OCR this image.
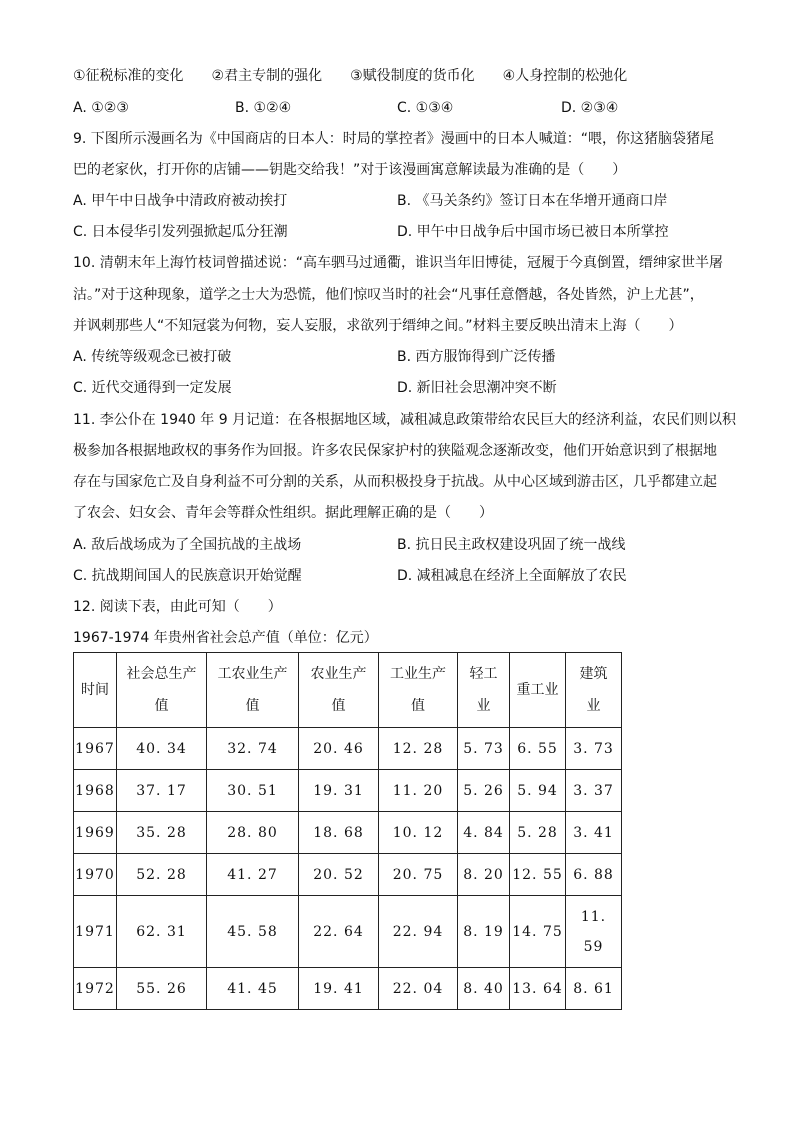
①征税标准的变化　　②君主专制的强化　　③赋役制度的货币化　　④人身控制的松弛化
A. ①②③	B. ①②④	C. ①③④	D. ②③④
9. 下图所示漫画名为《中国商店的日本人：时局的掌控者》漫画中的日本人喊道：“喂，你这猪脑袋猪尾
巴的老家伙，打开你的店铺——钥匙交给我！”对于该漫画寓意解读最为准确的是（　　）
A. 甲午中日战争中清政府被动挨打	B. 《马关条约》签订日本在华增开通商口岸
C. 日本侵华引发列强掀起瓜分狂潮	D. 甲午中日战争后中国市场已被日本所掌控
10. 清朝末年上海竹枝词曾描述说：“高车驷马过通衢，谁识当年旧博徒，冠履于今真倒置，缙绅家世半屠
沽。”对于这种现象，道学之士大为恐慌，他们惊叹当时的社会“凡事任意僭越，各处皆然，沪上尤甚”，
并讽刺那些人“不知冠裳为何物，妄人妄服，求欲列于缙绅之间。”材料主要反映出清末上海（　　）
A. 传统等级观念已被打破	B. 西方服饰得到广泛传播
C. 近代交通得到一定发展	D. 新旧社会思潮冲突不断
11. 李公仆在 1940 年 9 月记道：在各根据地区域，减租减息政策带给农民巨大的经济利益，农民们则以积
极参加各根据地政权的事务作为回报。许多农民保家护村的狭隘观念逐渐改变，他们开始意识到了根据地
存在与国家危亡及自身利益不可分割的关系，从而积极投身于抗战。从中心区域到游击区，几乎都建立起
了农会、妇女会、青年会等群众性组织。据此理解正确的是（　　）
A. 敌后战场成为了全国抗战的主战场	B. 抗日民主政权建设巩固了统一战线
C. 抗战期间国人的民族意识开始觉醒	D. 减租减息在经济上全面解放了农民
12. 阅读下表，由此可知（　　）
1967-1974 年贵州省社会总产值（单位：亿元）
时间	社会总生产值	工农业生产值	农业生产值	工业生产值	轻工业	重工业	建筑业

1967	40. 34	32. 74	20. 46	12. 28	5. 73	6. 55	3. 73
1968	37. 17	30. 51	19. 31	11. 20	5. 26	5. 94	3. 37
1969	35. 28	28. 80	18. 68	10. 12	4. 84	5. 28	3. 41
1970	52. 28	41. 27	20. 52	20. 75	8. 20	12. 55	6. 88
1971	62. 31	45. 58	22. 64	22. 94	8. 19	14. 75	11. 59

1972	55. 26	41. 45	19. 41	22. 04	8. 40	13. 64	8. 61
